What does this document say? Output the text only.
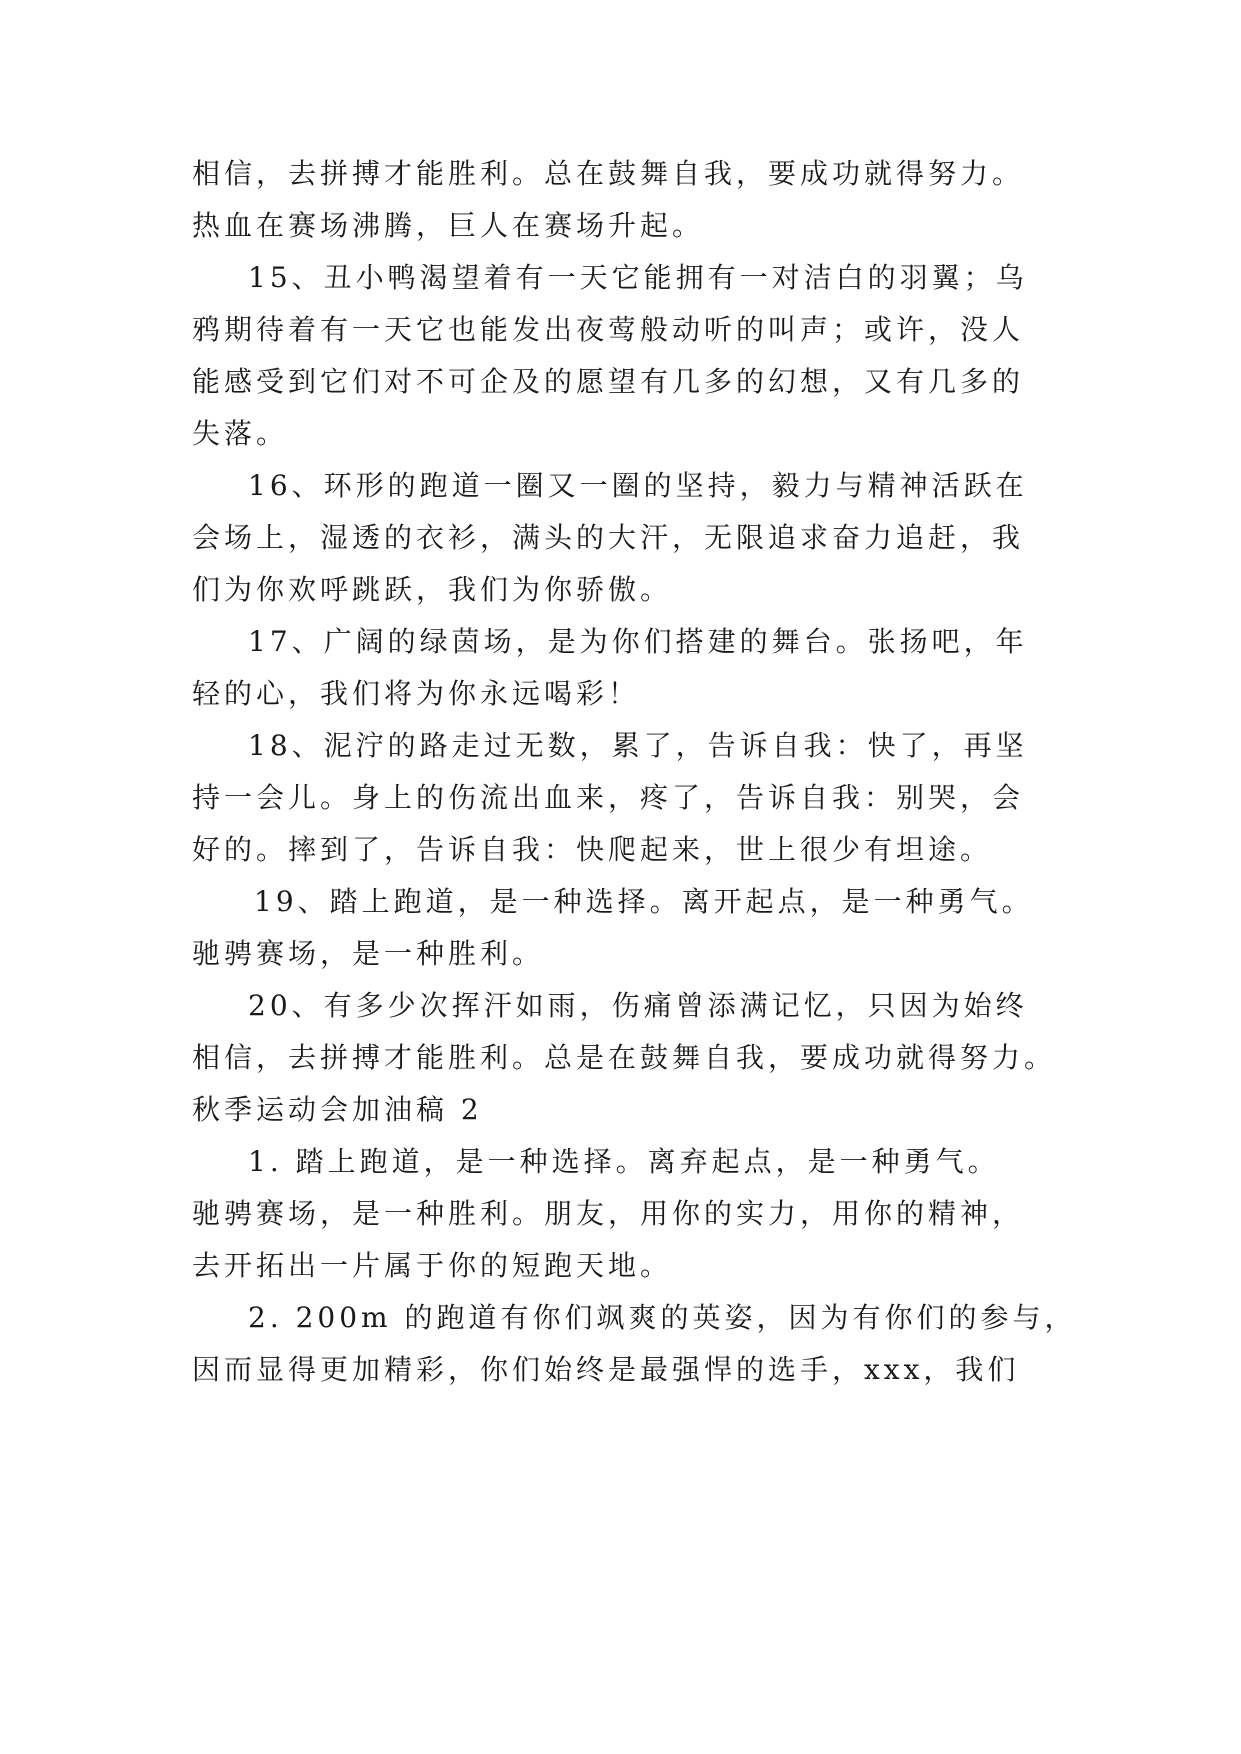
相信，去拼搏才能胜利。总在鼓舞自我，要成功就得努力。
热血在赛场沸腾，巨人在赛场升起。
15、丑小鸭渴望着有一天它能拥有一对洁白的羽翼；乌
鸦期待着有一天它也能发出夜莺般动听的叫声；或许，没人
能感受到它们对不可企及的愿望有几多的幻想，又有几多的
失落。
16、环形的跑道一圈又一圈的坚持，毅力与精神活跃在
会场上，湿透的衣衫，满头的大汗，无限追求奋力追赶，我
们为你欢呼跳跃，我们为你骄傲。
17、广阔的绿茵场，是为你们搭建的舞台。张扬吧，年
轻的心，我们将为你永远喝彩！
18、泥泞的路走过无数，累了，告诉自我：快了，再坚
持一会儿。身上的伤流出血来，疼了，告诉自我：别哭，会
好的。摔到了，告诉自我：快爬起来，世上很少有坦途。
19、踏上跑道，是一种选择。离开起点，是一种勇气。
驰骋赛场，是一种胜利。
20、有多少次挥汗如雨，伤痛曾添满记忆，只因为始终
相信，去拼搏才能胜利。总是在鼓舞自我，要成功就得努力。
秋季运动会加油稿 2
1. 踏上跑道，是一种选择。离弃起点，是一种勇气。
驰骋赛场，是一种胜利。朋友，用你的实力，用你的精神，
去开拓出一片属于你的短跑天地。
2. 200m 的跑道有你们飒爽的英姿，因为有你们的参与，
因而显得更加精彩，你们始终是最强悍的选手，xxx，我们
